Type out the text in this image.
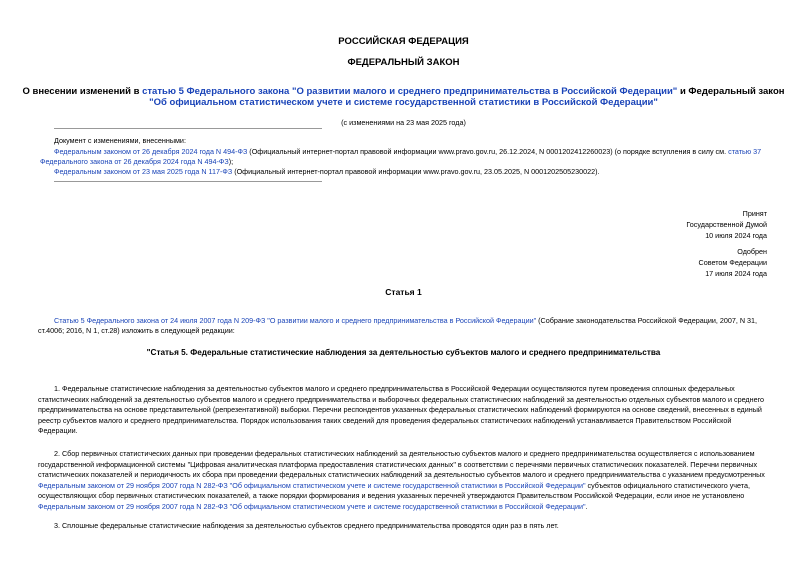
РОССИЙСКАЯ ФЕДЕРАЦИЯ
ФЕДЕРАЛЬНЫЙ ЗАКОН
О внесении изменений в статью 5 Федерального закона "О развитии малого и среднего предпринимательства в Российской Федерации" и Федеральный закон
"Об официальном статистическом учете и системе государственной статистики в Российской Федерации"
(с изменениями на 23 мая 2025 года)
Документ с изменениями, внесенными:
Федеральным законом от 26 декабря 2024 года N 494-ФЗ (Официальный интернет-портал правовой информации www.pravo.gov.ru, 26.12.2024, N 0001202412260023) (о порядке вступления в силу см. статью 37
Федерального закона от 26 декабря 2024 года N 494-ФЗ);
Федеральным законом от 23 мая 2025 года N 117-ФЗ (Официальный интернет-портал правовой информации www.pravo.gov.ru, 23.05.2025, N 0001202505230022).
Принят
Государственной Думой
10 июля 2024 года
Одобрен
Советом Федерации
17 июля 2024 года
Статья 1
Статью 5 Федерального закона от 24 июля 2007 года N 209-ФЗ "О развитии малого и среднего предпринимательства в Российской Федерации" (Собрание законодательства Российской Федерации, 2007, N 31,
ст.4006; 2016, N 1, ст.28) изложить в следующей редакции:
"Статья 5. Федеральные статистические наблюдения за деятельностью субъектов малого и среднего предпринимательства
1. Федеральные статистические наблюдения за деятельностью субъектов малого и среднего предпринимательства в Российской Федерации осуществляются путем проведения сплошных федеральных
статистических наблюдений за деятельностью субъектов малого и среднего предпринимательства и выборочных федеральных статистических наблюдений за деятельностью отдельных субъектов малого и среднего
предпринимательства на основе представительной (репрезентативной) выборки. Перечни респондентов указанных федеральных статистических наблюдений формируются на основе сведений, внесенных в единый
реестр субъектов малого и среднего предпринимательства. Порядок использования таких сведений для проведения федеральных статистических наблюдений устанавливается Правительством Российской
Федерации.
2. Сбор первичных статистических данных при проведении федеральных статистических наблюдений за деятельностью субъектов малого и среднего предпринимательства осуществляется с использованием
государственной информационной системы "Цифровая аналитическая платформа предоставления статистических данных" в соответствии с перечнями первичных статистических показателей. Перечни первичных
статистических показателей и периодичность их сбора при проведении федеральных статистических наблюдений за деятельностью субъектов малого и среднего предпринимательства с указанием предусмотренных
Федеральным законом от 29 ноября 2007 года N 282-ФЗ "Об официальном статистическом учете и системе государственной статистики в Российской Федерации" субъектов официального статистического учета,
осуществляющих сбор первичных статистических показателей, а также порядки формирования и ведения указанных перечней утверждаются Правительством Российской Федерации, если иное не установлено
Федеральным законом от 29 ноября 2007 года N 282-ФЗ "Об официальном статистическом учете и системе государственной статистики в Российской Федерации".
3. Сплошные федеральные статистические наблюдения за деятельностью субъектов среднего предпринимательства проводятся один раз в пять лет.
